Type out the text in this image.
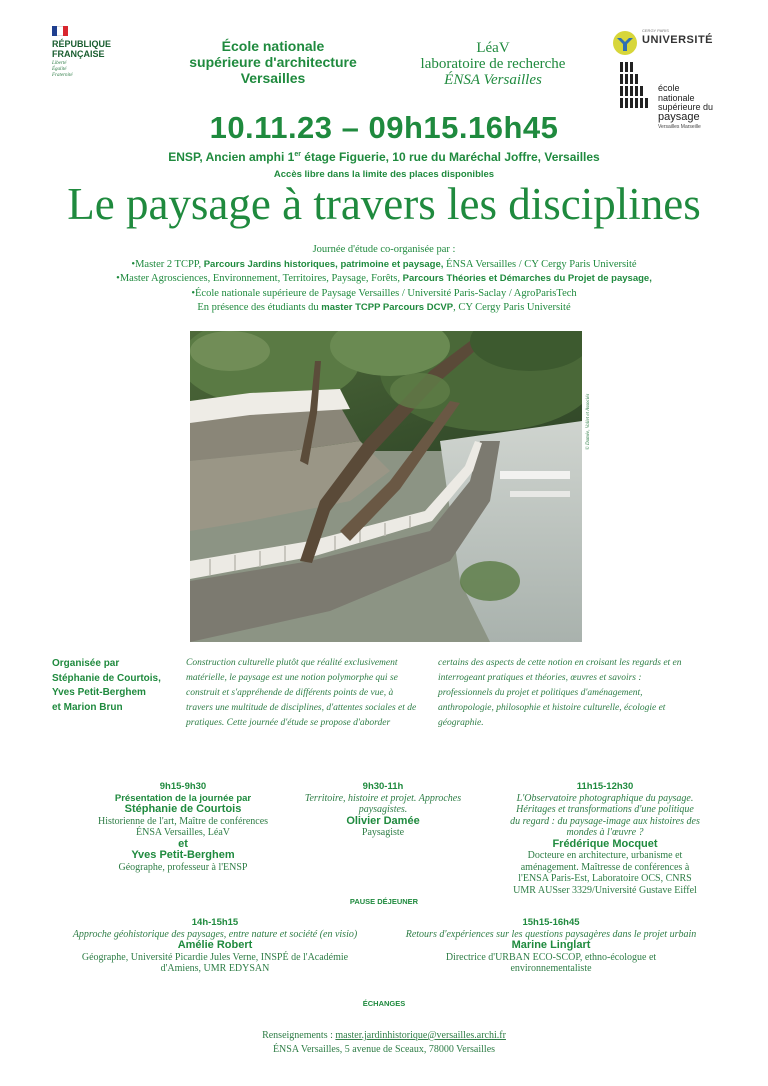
RÉPUBLIQUE
FRANÇAISE
Liberté
Égalité
Fraternité
École nationale
supérieure d'architecture
Versailles
LéaV
laboratoire de recherche
ÉNSA Versailles
CERGY PARIS
UNIVERSITÉ
école
nationale
supérieure du
paysage
Versailles Marseille
10.11.23 – 09h15.16h45
ENSP, Ancien amphi 1er étage Figuerie, 10 rue du Maréchal Joffre, Versailles
Accès libre dans la limite des places disponibles
Le paysage à travers les disciplines
Journée d'étude co-organisée par :
•Master 2 TCPP, Parcours Jardins historiques, patrimoine et paysage, ÉNSA Versailles / CY Cergy Paris Université
•Master Agrosciences, Environnement, Territoires, Paysage, Forêts, Parcours Théories et Démarches du Projet de paysage,
•École nationale supérieure de Paysage Versailles / Université Paris-Saclay / AgroParisTech
En présence des étudiants du master TCPP Parcours DCVP, CY Cergy Paris Université
© Damée, Vallet et Associés
Organisée par
Stéphanie de Courtois,
Yves Petit-Berghem
et Marion Brun
Construction culturelle plutôt que réalité exclusivement matérielle, le paysage est une notion polymorphe qui se construit et s'appréhende de différents points de vue, à travers une multitude de disciplines, d'attentes sociales et de pratiques. Cette journée d'étude se propose d'aborder
certains des aspects de cette notion en croisant les regards et en interrogeant pratiques et théories, œuvres et savoirs : professionnels du projet et politiques d'aménagement, anthropologie, philosophie et histoire culturelle, écologie et géographie.
9h15-9h30
Présentation de la journée par
Stéphanie de Courtois
Historienne de l'art, Maître de conférences
ÉNSA Versailles, LéaV
et
Yves Petit-Berghem
Géographe, professeur à l'ENSP
9h30-11h
Territoire, histoire et projet. Approches
paysagistes.
Olivier Damée
Paysagiste
11h15-12h30
L'Observatoire photographique du paysage.
Héritages et transformations d'une politique
du regard : du paysage-image aux histoires des
mondes à l'œuvre ?
Frédérique Mocquet
Docteure en architecture, urbanisme et
aménagement. Maîtresse de conférences à
l'ENSA Paris-Est, Laboratoire OCS, CNRS
UMR AUSser 3329/Université Gustave Eiffel
PAUSE DÉJEUNER
14h-15h15
Approche géohistorique des paysages, entre nature et société (en visio)
Amélie Robert
Géographe, Université Picardie Jules Verne, INSPÉ de l'Académie
d'Amiens, UMR EDYSAN
15h15-16h45
Retours d'expériences sur les questions paysagères dans le projet urbain
Marine Linglart
Directrice d'URBAN ECO-SCOP, ethno-écologue et
environnementaliste
ÉCHANGES
Renseignements : master.jardinhistorique@versailles.archi.fr
ÉNSA Versailles, 5 avenue de Sceaux, 78000 Versailles
